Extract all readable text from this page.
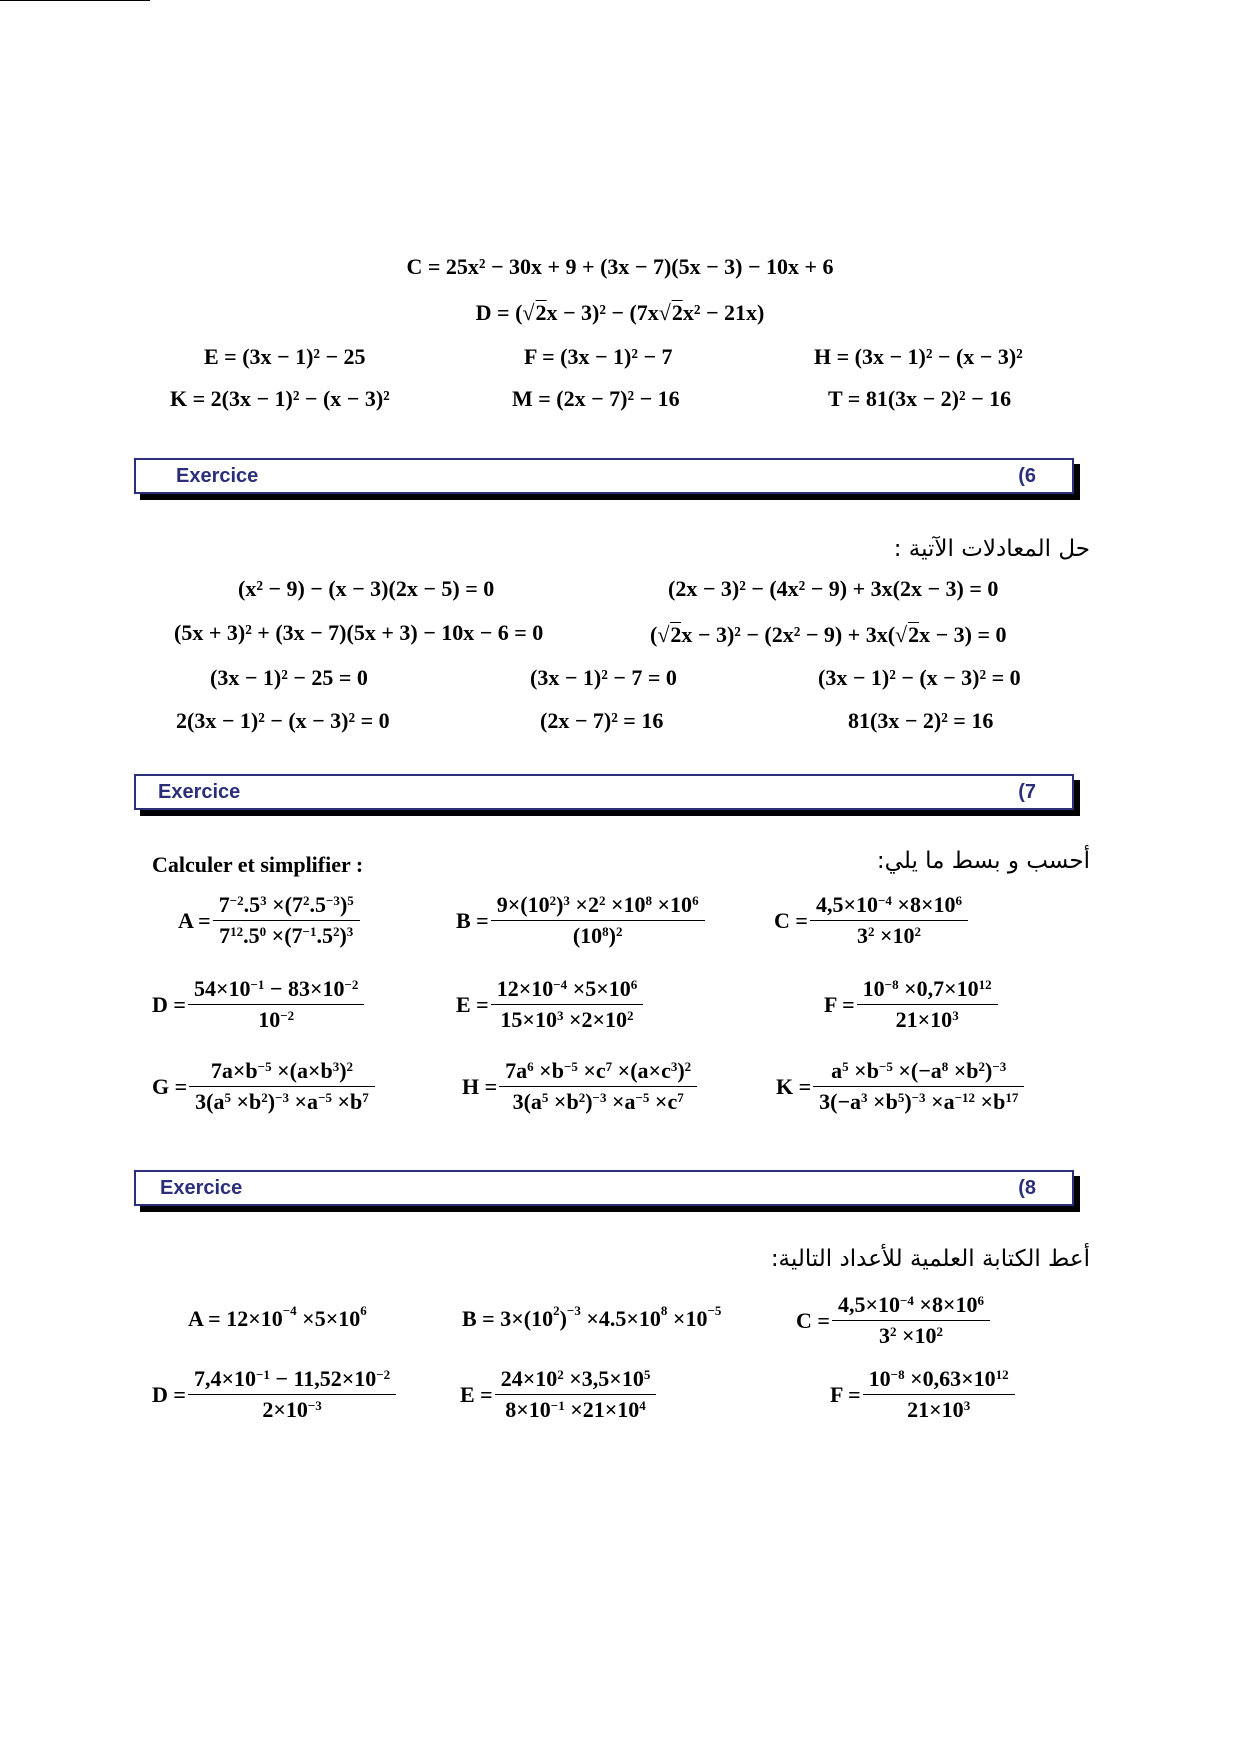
C = 25x² − 30x + 9 + (3x − 7)(5x − 3) − 10x + 6
D = (√2x − 3)² − (7x√2x² − 21x)
E = (3x − 1)² − 25	F = (3x − 1)² − 7	H = (3x − 1)² − (x − 3)²
K = 2(3x − 1)² − (x − 3)²	M = (2x − 7)² − 16	T = 81(3x − 2)² − 16
Exercice	(6
حل المعادلات الآتية :
(x² − 9) − (x − 3)(2x − 5) = 0	(2x − 3)² − (4x² − 9) + 3x(2x − 3) = 0
(5x + 3)² + (3x − 7)(5x + 3) − 10x − 6 = 0	(√2x − 3)² − (2x² − 9) + 3x(√2x − 3) = 0
(3x − 1)² − 25 = 0	(3x − 1)² − 7 = 0	(3x − 1)² − (x − 3)² = 0
2(3x − 1)² − (x − 3)² = 0	(2x − 7)² = 16	81(3x − 2)² = 16
Exercice	(7
Calculer et simplifier :	أحسب و بسط ما يلي:
A =
$7^{-2}.5^3 \times(7^2.5^{-3})^5$
$7^{12}.5^0 \times(7^{-1}.5^2)^3$	B =
$9\times(10^2)^3 \times 2^2 \times 10^8 \times 10^6$
$(10^8)^2$	C =
$4,5\times 10^{-4} \times 8\times 10^6$
$3^2 \times 10^2$
D =
$54\times 10^{-1} - 83\times 10^{-2}$
$10^{-2}$	E =
$12\times 10^{-4} \times 5\times 10^6$
$15\times 10^3 \times 2\times 10^2$	F =
$10^{-8} \times 0,7\times 10^{12}$
$21\times 10^3$
G =
$7a\times b^{-5} \times(a\times b^3)^2$
$3(a^5 \times b^2)^{-3} \times a^{-5} \times b^7$	H =
$7a^6 \times b^{-5} \times c^7 \times(a\times c^3)^2$
$3(a^5 \times b^2)^{-3} \times a^{-5} \times c^7$	K =
$a^5 \times b^{-5} \times(-a^8 \times b^2)^{-3}$
$3(-a^3 \times b^5)^{-3} \times a^{-12} \times b^{17}$
Exercice	(8
أعط الكتابة العلمية للأعداد التالية:
$A = 12\times 10^{-4} \times 5\times 10^6$	$B = 3\times(10^2)^{-3} \times 4.5\times 10^8 \times 10^{-5}$	C =
$4,5\times 10^{-4} \times 8\times 10^6$
$3^2 \times 10^2$
D =
$7,4\times 10^{-1} - 11,52\times 10^{-2}$
$2\times 10^{-3}$	E =
$24\times 10^2 \times 3,5\times 10^5$
$8\times 10^{-1} \times 21\times 10^4$	F =
$10^{-8} \times 0,63\times 10^{12}$
$21\times 10^3$
